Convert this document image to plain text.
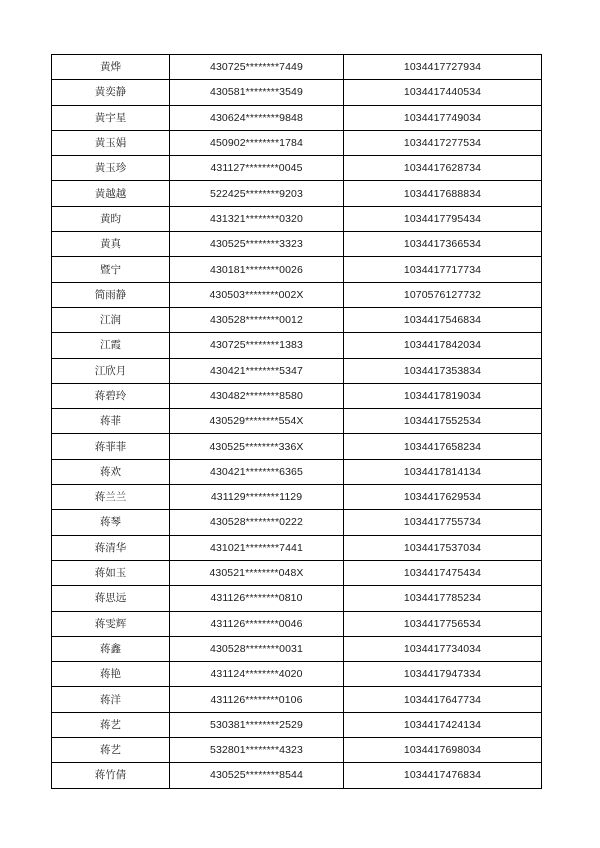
黄烨	430725********7449	1034417727934
黄奕静	430581********3549	1034417440534
黄宇星	430624********9848	1034417749034
黄玉娟	450902********1784	1034417277534
黄玉珍	431127********0045	1034417628734
黄越越	522425********9203	1034417688834
黄昀	431321********0320	1034417795434
黄真	430525********3323	1034417366534
暨宁	430181********0026	1034417717734
简雨静	430503********002X	1070576127732
江润	430528********0012	1034417546834
江霞	430725********1383	1034417842034
江欣月	430421********5347	1034417353834
蒋碧玲	430482********8580	1034417819034
蒋菲	430529********554X	1034417552534
蒋菲菲	430525********336X	1034417658234
蒋欢	430421********6365	1034417814134
蒋兰兰	431129********1129	1034417629534
蒋琴	430528********0222	1034417755734
蒋清华	431021********7441	1034417537034
蒋如玉	430521********048X	1034417475434
蒋思远	431126********0810	1034417785234
蒋雯辉	431126********0046	1034417756534
蒋鑫	430528********0031	1034417734034
蒋艳	431124********4020	1034417947334
蒋洋	431126********0106	1034417647734
蒋艺	530381********2529	1034417424134
蒋艺	532801********4323	1034417698034
蒋竹倩	430525********8544	1034417476834
